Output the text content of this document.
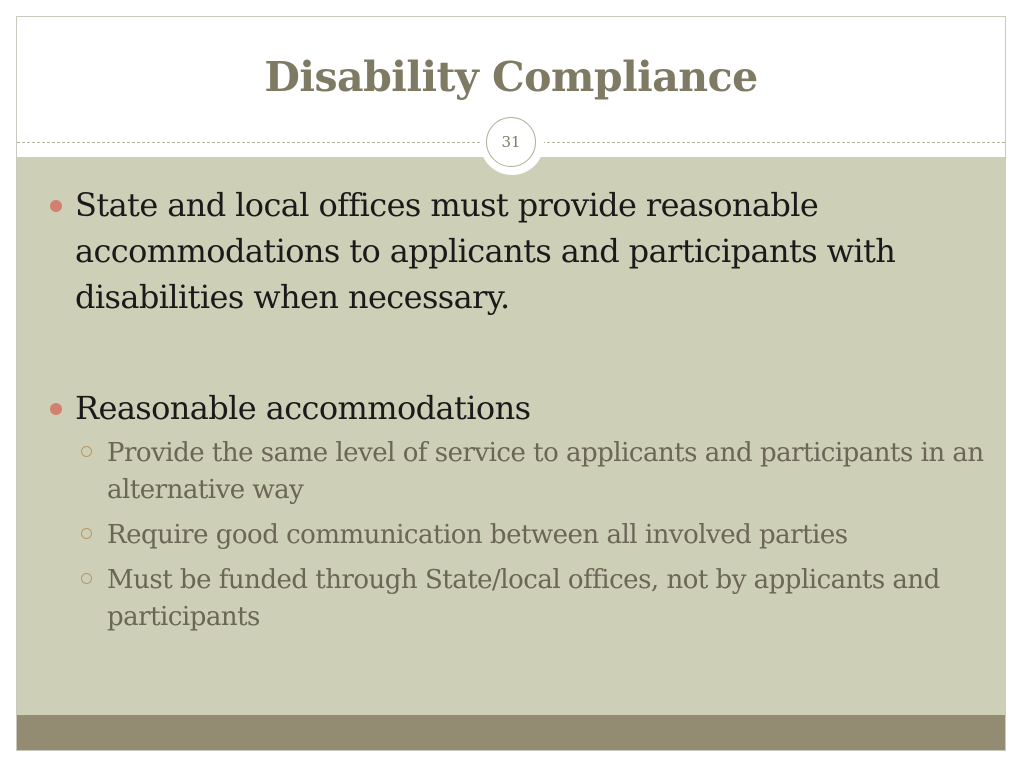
Disability Compliance
State and local offices must provide reasonable accommodations to applicants and participants with disabilities when necessary.
Reasonable accommodations
Provide the same level of service to applicants and participants in an alternative way
Require good communication between all involved parties
Must be funded through State/local offices, not by applicants and participants
31
